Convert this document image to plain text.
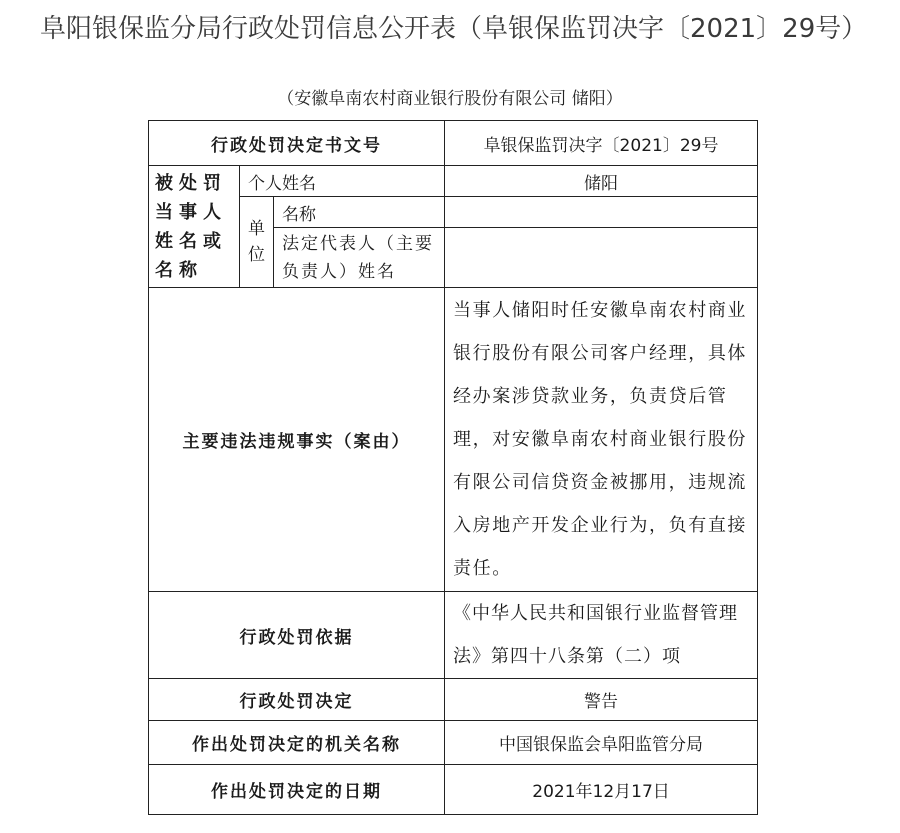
阜阳银保监分局行政处罚信息公开表（阜银保监罚决字〔2021〕29号）
（安徽阜南农村商业银行股份有限公司 储阳）
行政处罚决定书文号			阜银保监罚决字〔2021〕29号
被处罚当事人姓名或名称	个人姓名		储阳
	单位	名称	
		法定代表人（主要负责人）姓名	
主要违法违规事实（案由）			当事人储阳时任安徽阜南农村商业银行股份有限公司客户经理，具体经办案涉贷款业务，负责贷后管理，对安徽阜南农村商业银行股份有限公司信贷资金被挪用，违规流入房地产开发企业行为，负有直接责任。
行政处罚依据			《中华人民共和国银行业监督管理法》第四十八条第（二）项
行政处罚决定			警告
作出处罚决定的机关名称			中国银保监会阜阳监管分局
作出处罚决定的日期			2021年12月17日
